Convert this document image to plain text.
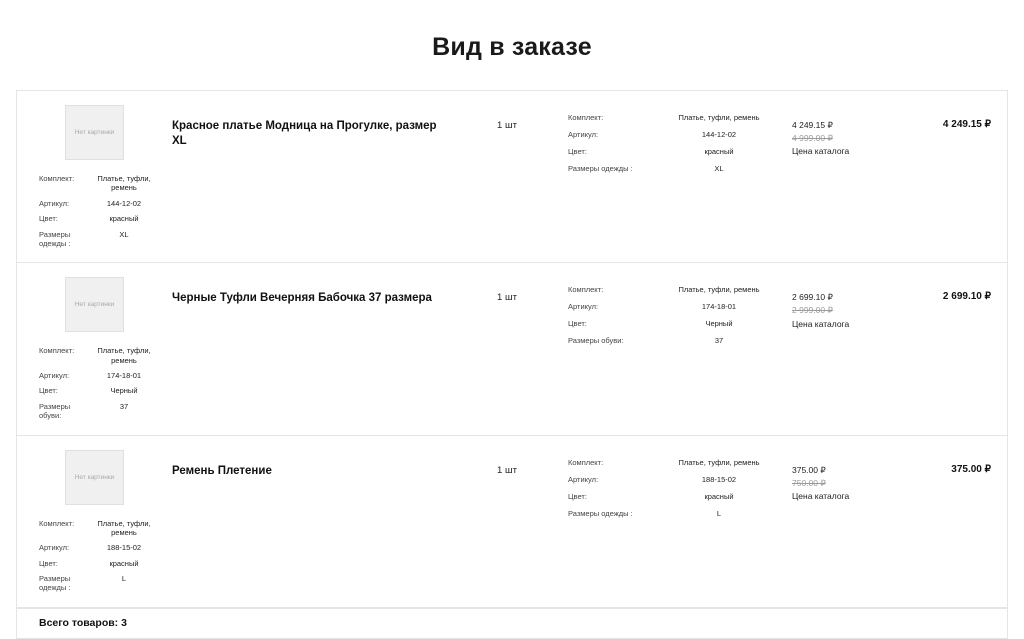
Вид в заказе
Нет картинки
Комплект:	Платье, туфли, ремень
Артикул:	144-12-02
Цвет:	красный
Размеры одежды :
XL
Красное платье Модница на Прогулке, размер XL
1 шт
Комплект:	Платье, туфли, ремень
Артикул:	144-12-02
Цвет:	красный
Размеры одежды :	XL
4 249.15 ₽
4 999.00 ₽
Цена каталога
4 249.15 ₽
Нет картинки
Комплект:	Платье, туфли, ремень
Артикул:	174-18-01
Цвет:	Черный
Размеры обуви:
37
Черные Туфли Вечерняя Бабочка 37 размера	1 шт
Комплект:	Платье, туфли, ремень
Артикул:	174-18-01
Цвет:	Черный
Размеры обуви:	37
2 699.10 ₽
2 999.00 ₽
Цена каталога
2 699.10 ₽
Нет картинки
Комплект:	Платье, туфли, ремень
Артикул:	188-15-02
Цвет:	красный
Размеры одежды :
L
Ремень Плетение	1 шт
Комплект:	Платье, туфли, ремень
Артикул:	188-15-02
Цвет:	красный
Размеры одежды :	L
375.00 ₽
750.00 ₽
Цена каталога
375.00 ₽
Всего товаров: 3
